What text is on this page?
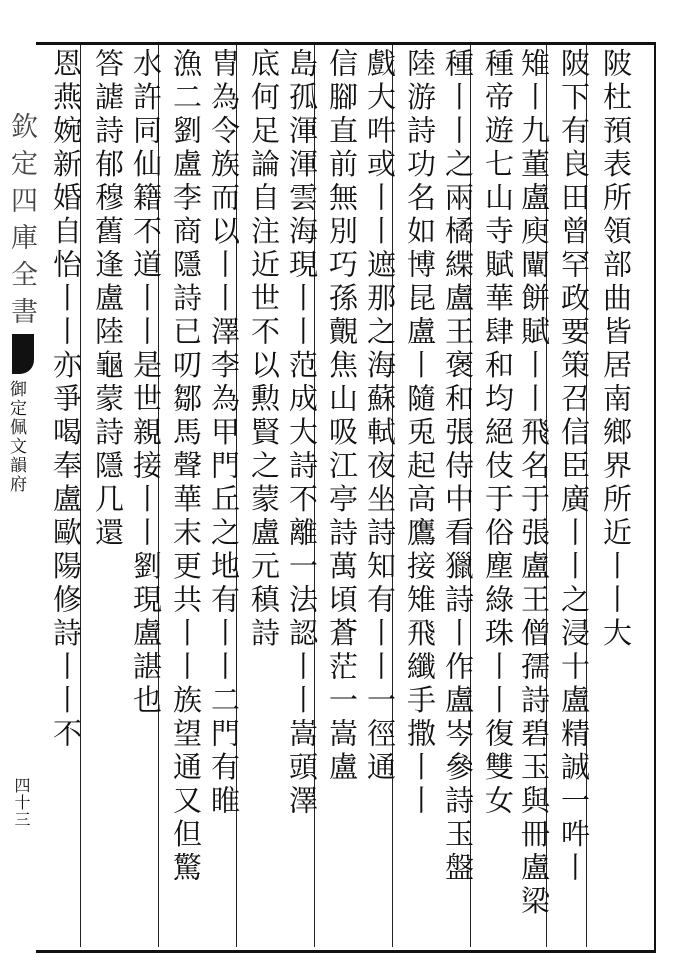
欽定四庫全書
御定佩文韻府
四十三
陂杜預表所領部曲皆居南鄉界所近丨丨大
陂下有良田曾罕政要策召信臣廣丨丨之浸十盧精誠一吽丨
雉丨九董盧庾闡餅賦丨丨飛名于張盧王僧孺詩碧玉與冊盧梁
種帝遊七山寺賦華肆和均絕伎于俗塵綠珠丨丨復雙女
種丨丨之兩橘緤盧王褒和張侍中看獵詩丨作盧岑參詩玉盤
陸游詩功名如博昆盧丨隨兎起高鷹接雉飛纖手撒丨丨
戲大吽或丨丨遮那之海蘇軾夜坐詩知有丨丨一徑通
信腳直前無別巧孫覿焦山吸江亭詩萬頃蒼茫一嵩盧
島孤渾渾雲海現丨丨范成大詩不離一法認丨丨嵩頭澤
底何足論自注近世不以勲賢之蒙盧元稹詩
胄為令族而以丨丨澤李為甲門丘之地有丨丨二門有睢
漁二劉盧李商隱詩已叨鄒馬聲華末更共丨丨族望通又但驚
水許同仙籍不道丨丨是世親接丨丨劉現盧諶也
答謔詩郁穆舊逢盧陸龜蒙詩隱几還
恩燕婉新婚自怡丨丨亦爭喝奉盧歐陽修詩丨丨不
